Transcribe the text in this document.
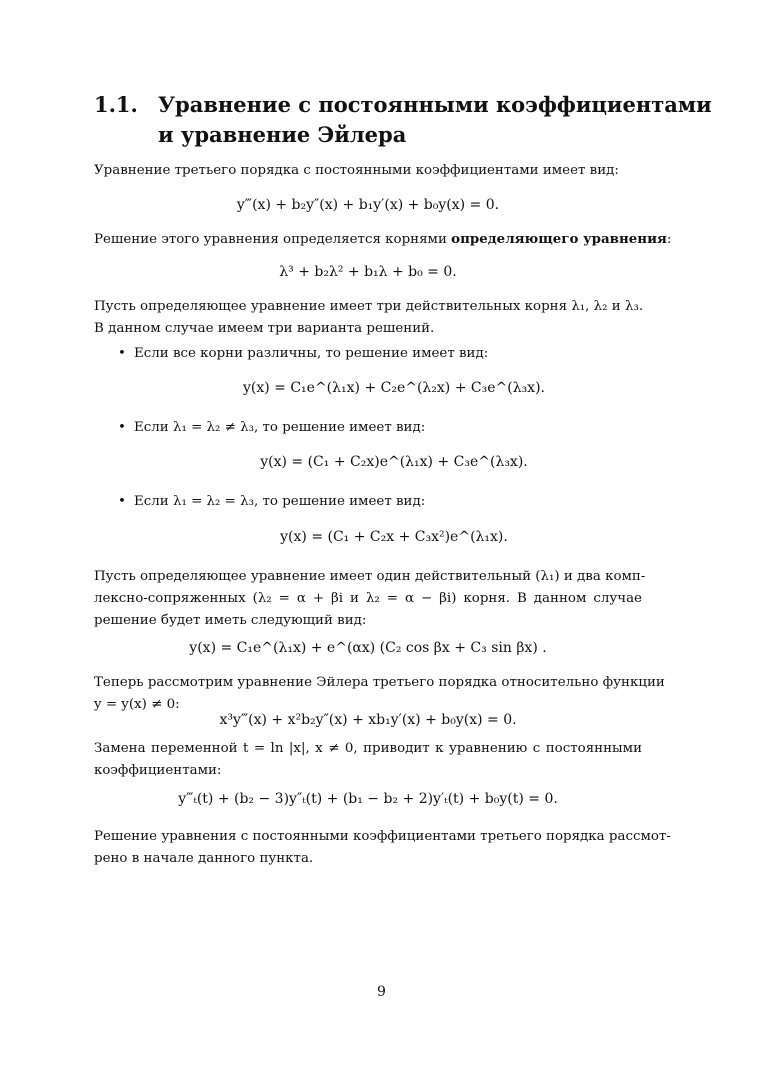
1.1. Уравнение с постоянными коэффициентами
и уравнение Эйлера
Уравнение третьего порядка с постоянными коэффициентами имеет вид:
y‴(x) + b₂y″(x) + b₁y′(x) + b₀y(x) = 0.
Решение этого уравнения определяется корнями определяющего уравнения:
λ³ + b₂λ² + b₁λ + b₀ = 0.
Пусть определяющее уравнение имеет три действительных корня λ₁, λ₂ и λ₃.
В данном случае имеем три варианта решений.
• Если все корни различны, то решение имеет вид:
y(x) = C₁e^(λ₁x) + C₂e^(λ₂x) + C₃e^(λ₃x).
• Если λ₁ = λ₂ ≠ λ₃, то решение имеет вид:
y(x) = (C₁ + C₂x)e^(λ₁x) + C₃e^(λ₃x).
• Если λ₁ = λ₂ = λ₃, то решение имеет вид:
y(x) = (C₁ + C₂x + C₃x²)e^(λ₁x).
Пусть определяющее уравнение имеет один действительный (λ₁) и два комп-
лексно-сопряженных (λ₂ = α + βi и λ₂ = α − βi) корня. В данном случае
решение будет иметь следующий вид:
y(x) = C₁e^(λ₁x) + e^(αx) (C₂ cos βx + C₃ sin βx) .
Теперь рассмотрим уравнение Эйлера третьего порядка относительно функции
y = y(x) ≠ 0:
x³y‴(x) + x²b₂y″(x) + xb₁y′(x) + b₀y(x) = 0.
Замена переменной t = ln |x|, x ≠ 0, приводит к уравнению с постоянными
коэффициентами:
y‴ₜ(t) + (b₂ − 3)y″ₜ(t) + (b₁ − b₂ + 2)y′ₜ(t) + b₀y(t) = 0.
Решение уравнения с постоянными коэффициентами третьего порядка рассмот-
рено в начале данного пункта.
9
